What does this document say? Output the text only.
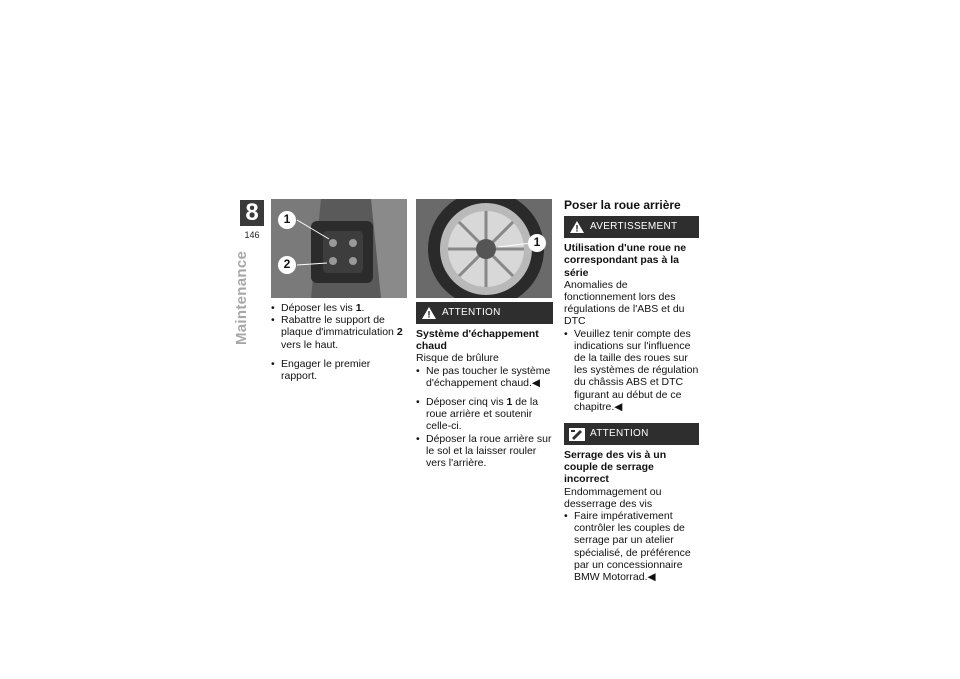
8
146
Maintenance
1
2
• Déposer les vis 1.
• Rabattre le support de plaque d'immatriculation 2 vers le haut.
• Engager le premier rapport.
1
ATTENTION
Système d'échappement chaud
Risque de brûlure
• Ne pas toucher le système d'échappement chaud.◀
• Déposer cinq vis 1 de la roue arrière et soutenir celle-ci.
• Déposer la roue arrière sur le sol et la laisser rouler vers l'arrière.
Poser la roue arrière
AVERTISSEMENT
Utilisation d'une roue ne correspondant pas à la série
Anomalies de fonctionnement lors des régulations de l'ABS et du DTC
• Veuillez tenir compte des indications sur l'influence de la taille des roues sur les systèmes de régulation du châssis ABS et DTC figurant au début de ce chapitre.◀
ATTENTION
Serrage des vis à un couple de serrage incorrect
Endommagement ou desserrage des vis
• Faire impérativement contrôler les couples de serrage par un atelier spécialisé, de préférence par un concessionnaire BMW Motorrad.◀
